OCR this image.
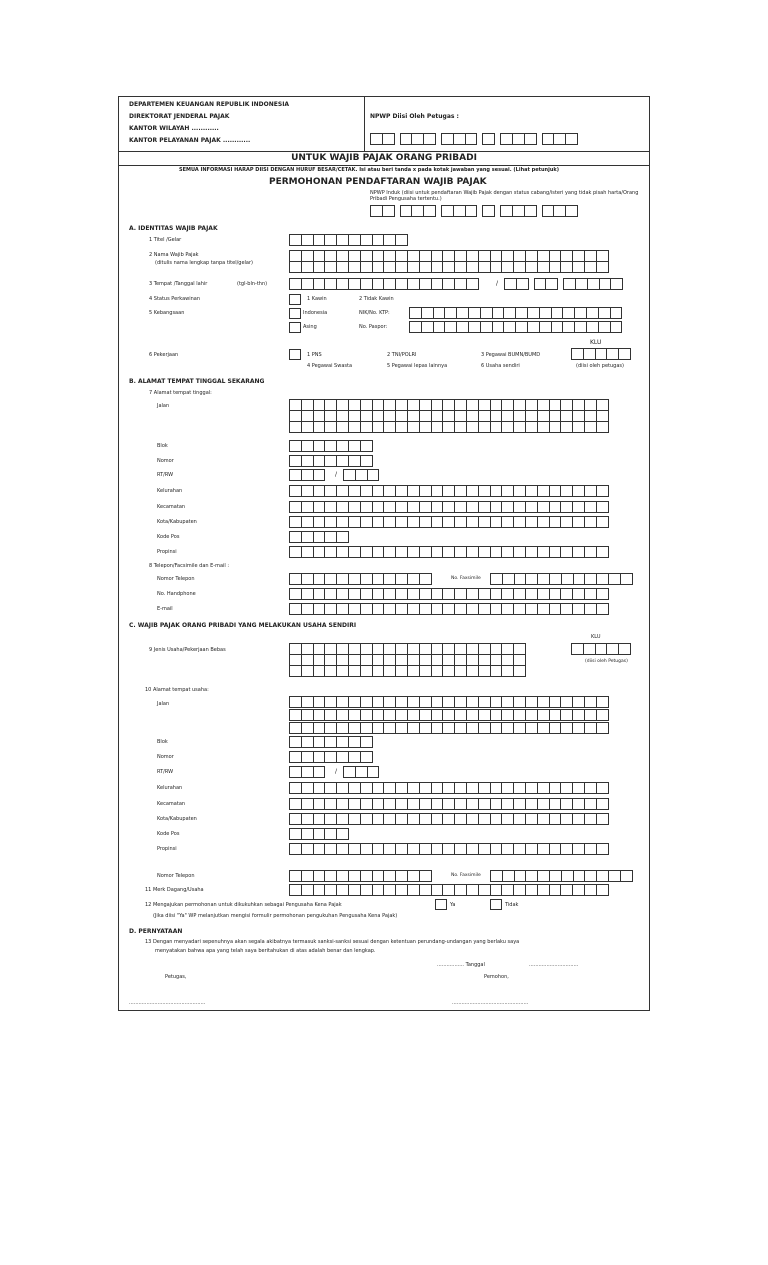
DEPARTEMEN KEUANGAN REPUBLIK INDONESIA
DIREKTORAT JENDERAL PAJAK
KANTOR WILAYAH ............
KANTOR PELAYANAN PAJAK ............
NPWP Diisi Oleh Petugas :
UNTUK WAJIB PAJAK ORANG PRIBADI
SEMUA INFORMASI HARAP DIISI DENGAN HURUF BESAR/CETAK. Isi atau beri tanda x pada kotak jawaban yang sesuai. (Lihat petunjuk)
PERMOHONAN PENDAFTARAN WAJIB PAJAK
NPWP Induk (diisi untuk pendaftaran Wajib Pajak dengan status cabang/isteri yang tidak pisah harta/Orang Pribadi Pengusaha tertentu.)
A. IDENTITAS WAJIB PAJAK
1 Titel /Gelar
2 Nama Wajib Pajak
(ditulis nama lengkap tanpa titel/gelar)
3 Tempat /Tanggal lahir	(tgl-bln-thn)	/
4 Status Perkawinan	1 Kawin	2 Tidak Kawin
5 Kebangsaan	Indonesia	NIK/No. KTP:
Asing	No. Paspor:
KLU
6 Pekerjaan	1 PNS	2 TNI/POLRI	3 Pegawai BUMN/BUMD
4 Pegawai Swasta	5 Pegawai lepas lainnya	6 Usaha sendiri	(diisi oleh petugas)
B. ALAMAT TEMPAT TINGGAL SEKARANG
7 Alamat tempat tinggal:
Jalan
Blok
Nomor
RT/RW	/
Kelurahan
Kecamatan
Kota/Kabupaten
Kode Pos
Propinsi
8 Telepon/Facsimile dan E-mail :
Nomor Telepon	No. Faxsimile
No. Handphone
E-mail
C. WAJIB PAJAK ORANG PRIBADI YANG MELAKUKAN USAHA SENDIRI
KLU
9 Jenis Usaha/Pekerjaan Bebas
(diisi oleh Petugas)
10 Alamat tempat usaha:
Jalan
Blok
Nomor
RT/RW	/
Kelurahan
Kecamatan
Kota/Kabupaten
Kode Pos
Propinsi
Nomor Telepon	No. Faxsimile
11 Merk Dagang/Usaha
12 Mengajukan permohonan untuk dikukuhkan sebagai Pengusaha Kena Pajak	Ya	Tidak
(Jika diisi "Ya" WP melanjutkan mengisi formulir permohonan pengukuhan Pengusaha Kena Pajak)
D. PERNYATAAN
13 Dengan menyadari sepenuhnya akan segala akibatnya termasuk sanksi-sanksi sesuai dengan ketentuan perundang-undangan yang berlaku saya
menyatakan bahwa apa yang telah saya beritahukan di atas adalah benar dan lengkap.
................. Tanggal	...............................
Petugas,	Pemohon,
................................................	................................................
